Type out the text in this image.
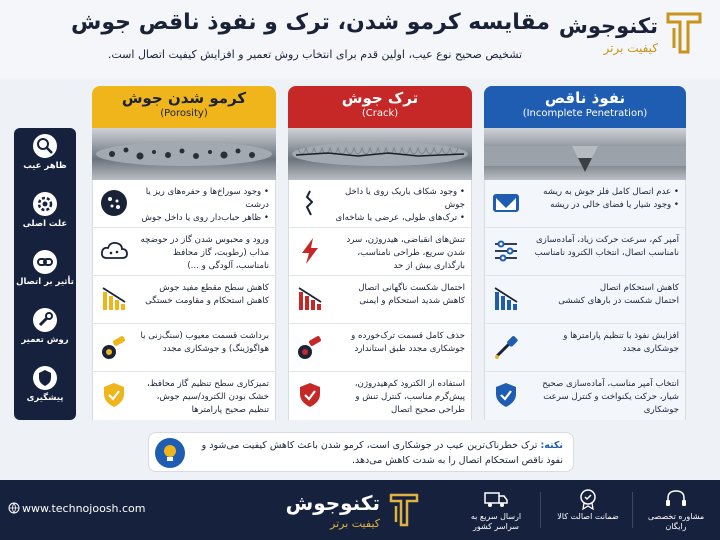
تکنوجوش
کیفیت برتر
مقایسه کرمو شدن، ترک و نفوذ ناقص جوش
تشخیص صحیح نوع عیب، اولین قدم برای انتخاب روش تعمیر و افزایش کیفیت اتصال است.
کرمو شدن جوش
(Porosity)
ترک جوش
(Crack)
نفوذ ناقص
(Incomplete Penetration)
ظاهر عیب
علت اصلی
تأثیر بر اتصال
روش تعمیر
پیشگیری
• وجود سوراخ‌ها و حفره‌های ریز یا درشت
• ظاهر حباب‌دار روی یا داخل جوش
ورود و محبوس شدن گاز در حوضچه مذاب (رطوبت، گاز محافظ نامناسب، آلودگی و ...)
کاهش سطح مقطع مفید جوش
کاهش استحکام و مقاومت خستگی
برداشت قسمت معیوب (سنگ‌زنی یا هواگوژینگ) و جوشکاری مجدد
تمیزکاری سطح تنظیم گاز محافظ، خشک بودن الکترود/سیم جوش، تنظیم صحیح پارامترها
• وجود شکاف باریک روی یا داخل جوش
• ترک‌های طولی، عرضی یا شاخه‌ای
تنش‌های انقباضی، هیدروژن، سرد شدن سریع، طراحی نامناسب، بارگذاری بیش از حد
احتمال شکست ناگهانی اتصال
کاهش شدید استحکام و ایمنی
حذف کامل قسمت ترک‌خورده و جوشکاری مجدد طبق استاندارد
استفاده از الکترود کم‌هیدروژن، پیش‌گرم مناسب، کنترل تنش و طراحی صحیح اتصال
• عدم اتصال کامل فلز جوش به ریشه
• وجود شیار یا فضای خالی در ریشه
آمپر کم، سرعت حرکت زیاد، آماده‌سازی نامناسب اتصال، انتخاب الکترود نامناسب
کاهش استحکام اتصال
احتمال شکست در بارهای کششی
افزایش نفوذ با تنظیم پارامترها و جوشکاری مجدد
انتخاب آمپر مناسب، آماده‌سازی صحیح شیار، حرکت یکنواخت و کنترل سرعت جوشکاری
نکته: ترک خطرناک‌ترین عیب در جوشکاری است، کرمو شدن باعث کاهش کیفیت می‌شود و نفوذ ناقص استحکام اتصال را به شدت کاهش می‌دهد.
www.technojoosh.com	تکنوجوش
کیفیت برتر
ارسال سریع به سراسر کشور
ضمانت اصالت کالا	مشاوره تخصصی رایگان
